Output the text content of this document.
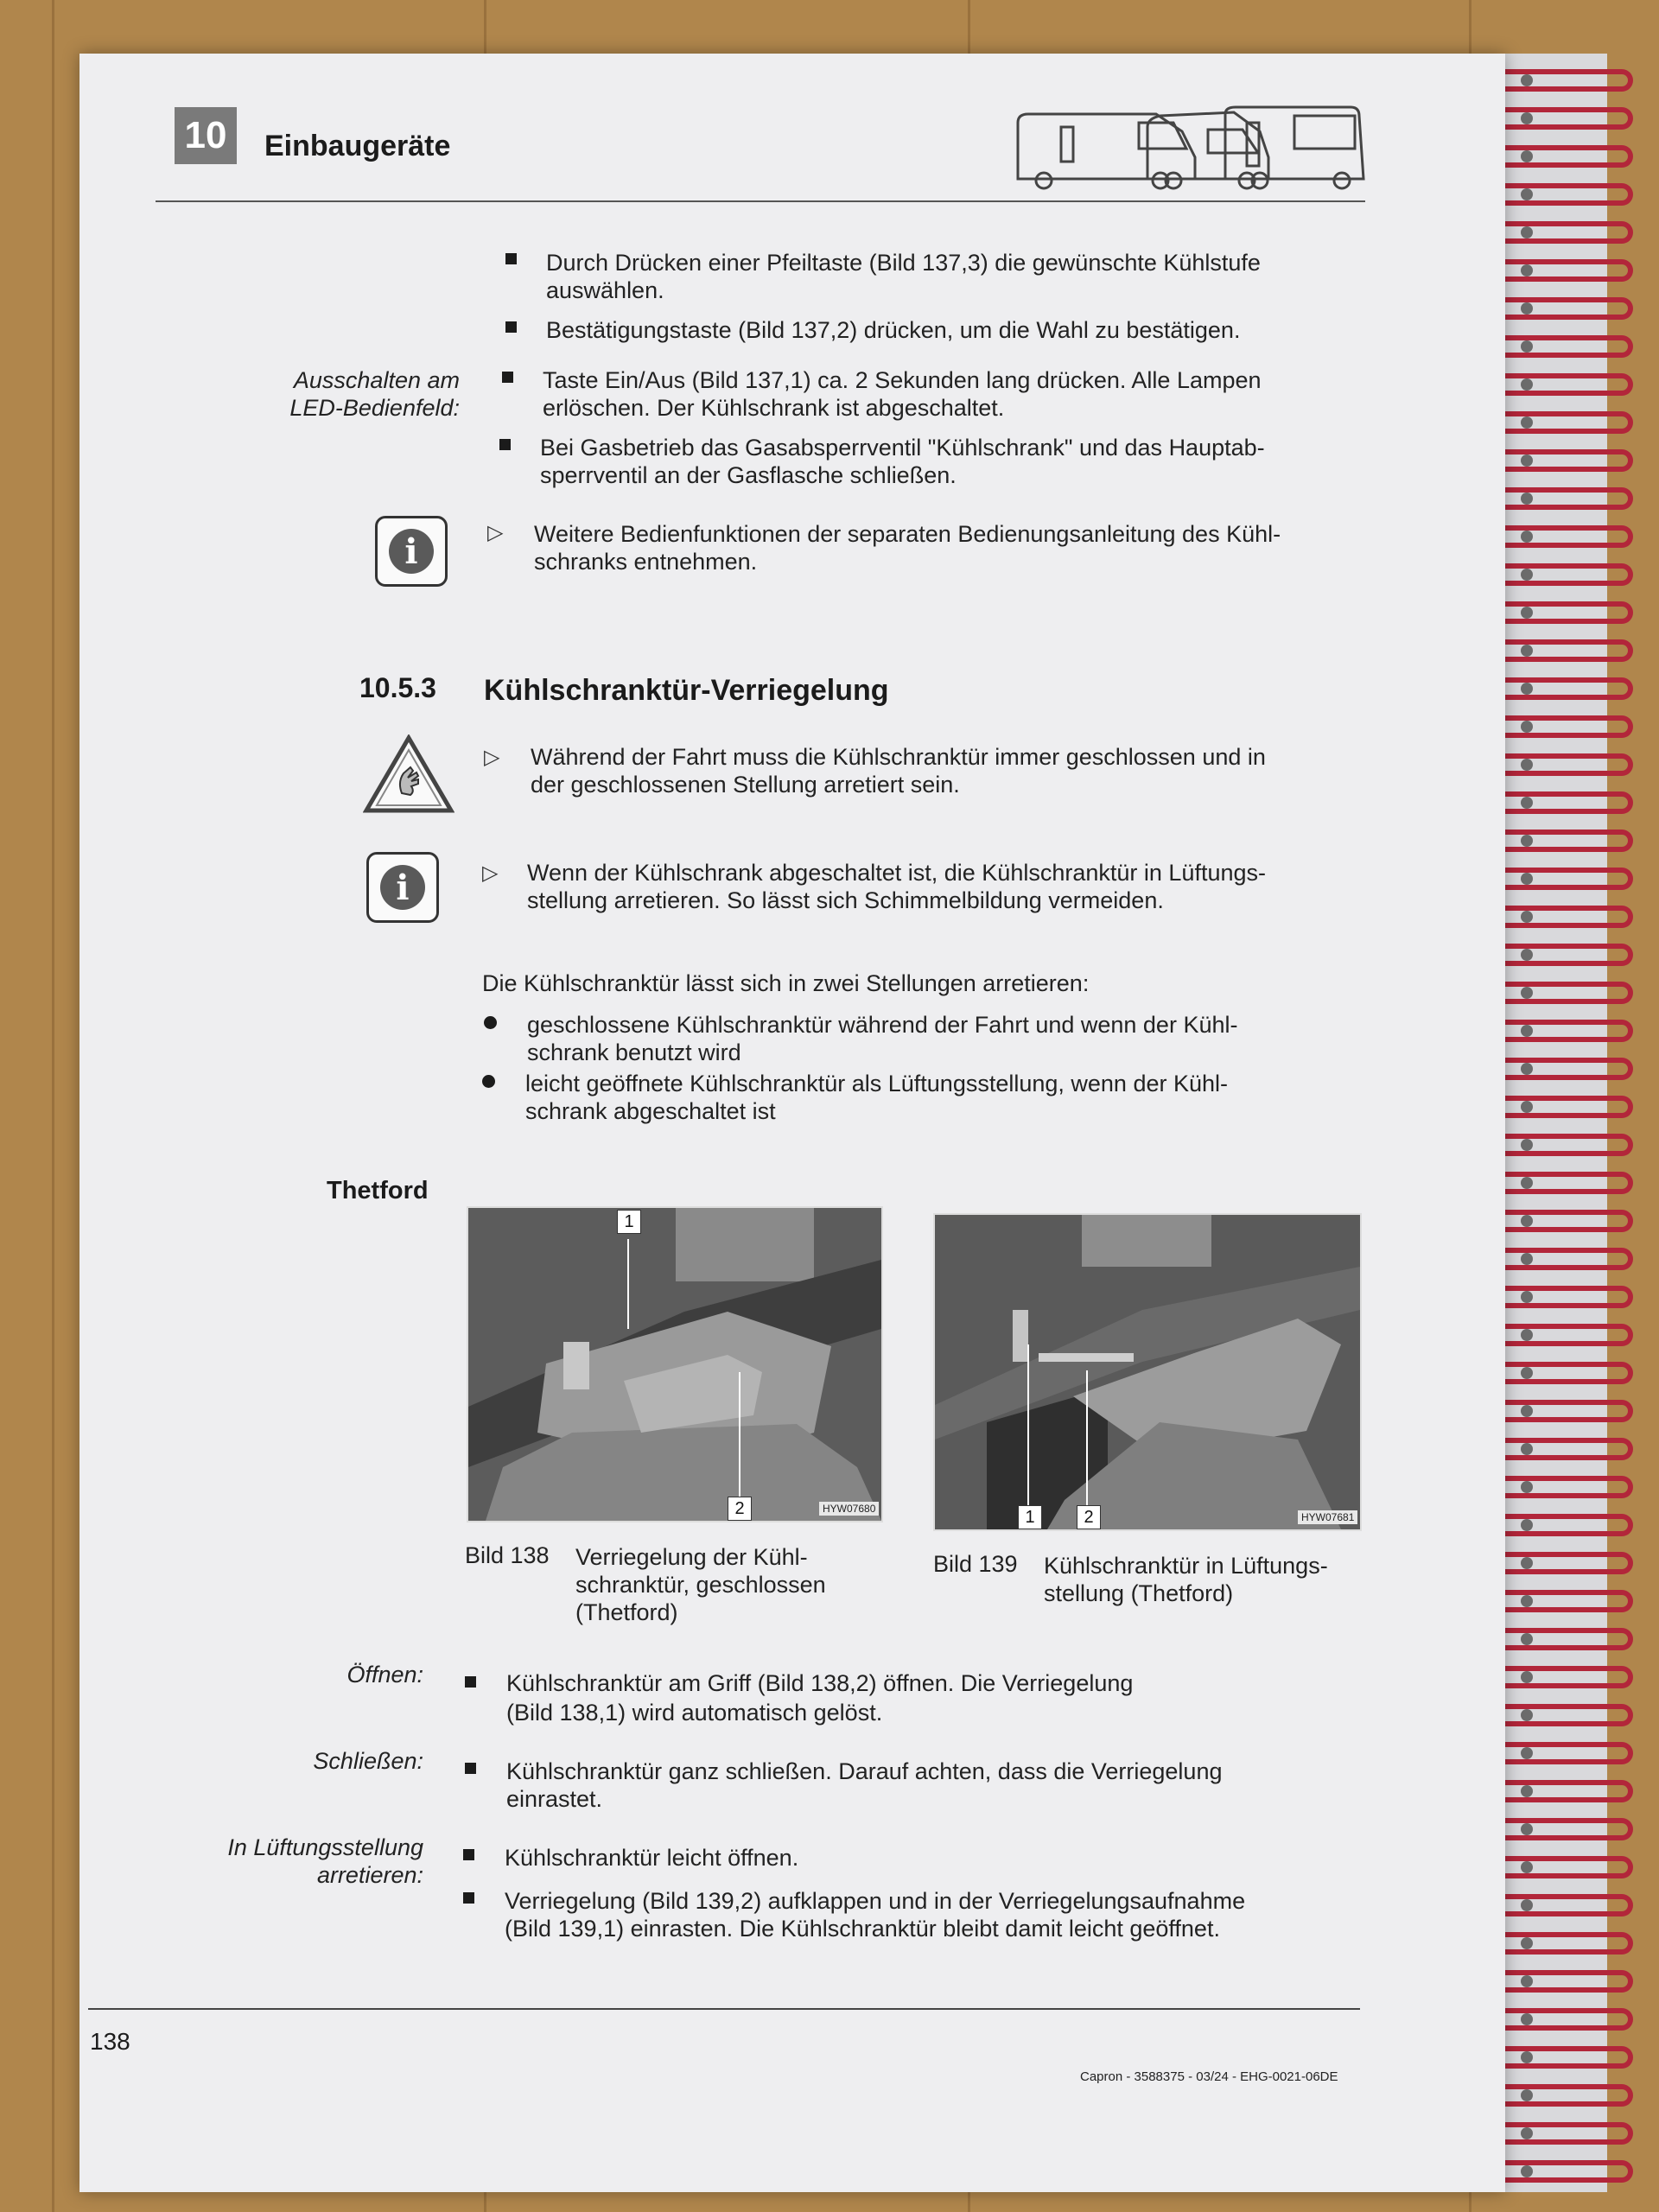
10	Einbaugeräte
Durch Drücken einer Pfeiltaste (Bild 137,3) die gewünschte Kühlstufe
auswählen.
Bestätigungstaste (Bild 137,2) drücken, um die Wahl zu bestätigen.
Ausschalten am
LED-Bedienfeld:
Taste Ein/Aus (Bild 137,1) ca. 2 Sekunden lang drücken. Alle Lampen
erlöschen. Der Kühlschrank ist abgeschaltet.
Bei Gasbetrieb das Gasabsperrventil "Kühlschrank" und das Hauptab-
sperrventil an der Gasflasche schließen.
i	▷ Weitere Bedienfunktionen der separaten Bedienungsanleitung des Kühl-
schranks entnehmen.
10.5.3 Kühlschranktür-Verriegelung
▷ Während der Fahrt muss die Kühlschranktür immer geschlossen und in
der geschlossenen Stellung arretiert sein.
i	▷ Wenn der Kühlschrank abgeschaltet ist, die Kühlschranktür in Lüftungs-
stellung arretieren. So lässt sich Schimmelbildung vermeiden.
Die Kühlschranktür lässt sich in zwei Stellungen arretieren:
geschlossene Kühlschranktür während der Fahrt und wenn der Kühl-
schrank benutzt wird
leicht geöffnete Kühlschranktür als Lüftungsstellung, wenn der Kühl-
schrank abgeschaltet ist
Thetford
1
2	HYW07680	1	2	HYW07681
Bild 138 Verriegelung der Kühl-
schranktür, geschlossen
(Thetford)
Bild 139 Kühlschranktür in Lüftungs-
stellung (Thetford)
Öffnen:	Kühlschranktür am Griff (Bild 138,2) öffnen. Die Verriegelung
(Bild 138,1) wird automatisch gelöst.
Schließen:	Kühlschranktür ganz schließen. Darauf achten, dass die Verriegelung
einrastet.
In Lüftungsstellung
arretieren:
Kühlschranktür leicht öffnen.
Verriegelung (Bild 139,2) aufklappen und in der Verriegelungsaufnahme
(Bild 139,1) einrasten. Die Kühlschranktür bleibt damit leicht geöffnet.
138
Capron - 3588375 - 03/24 - EHG-0021-06DE
